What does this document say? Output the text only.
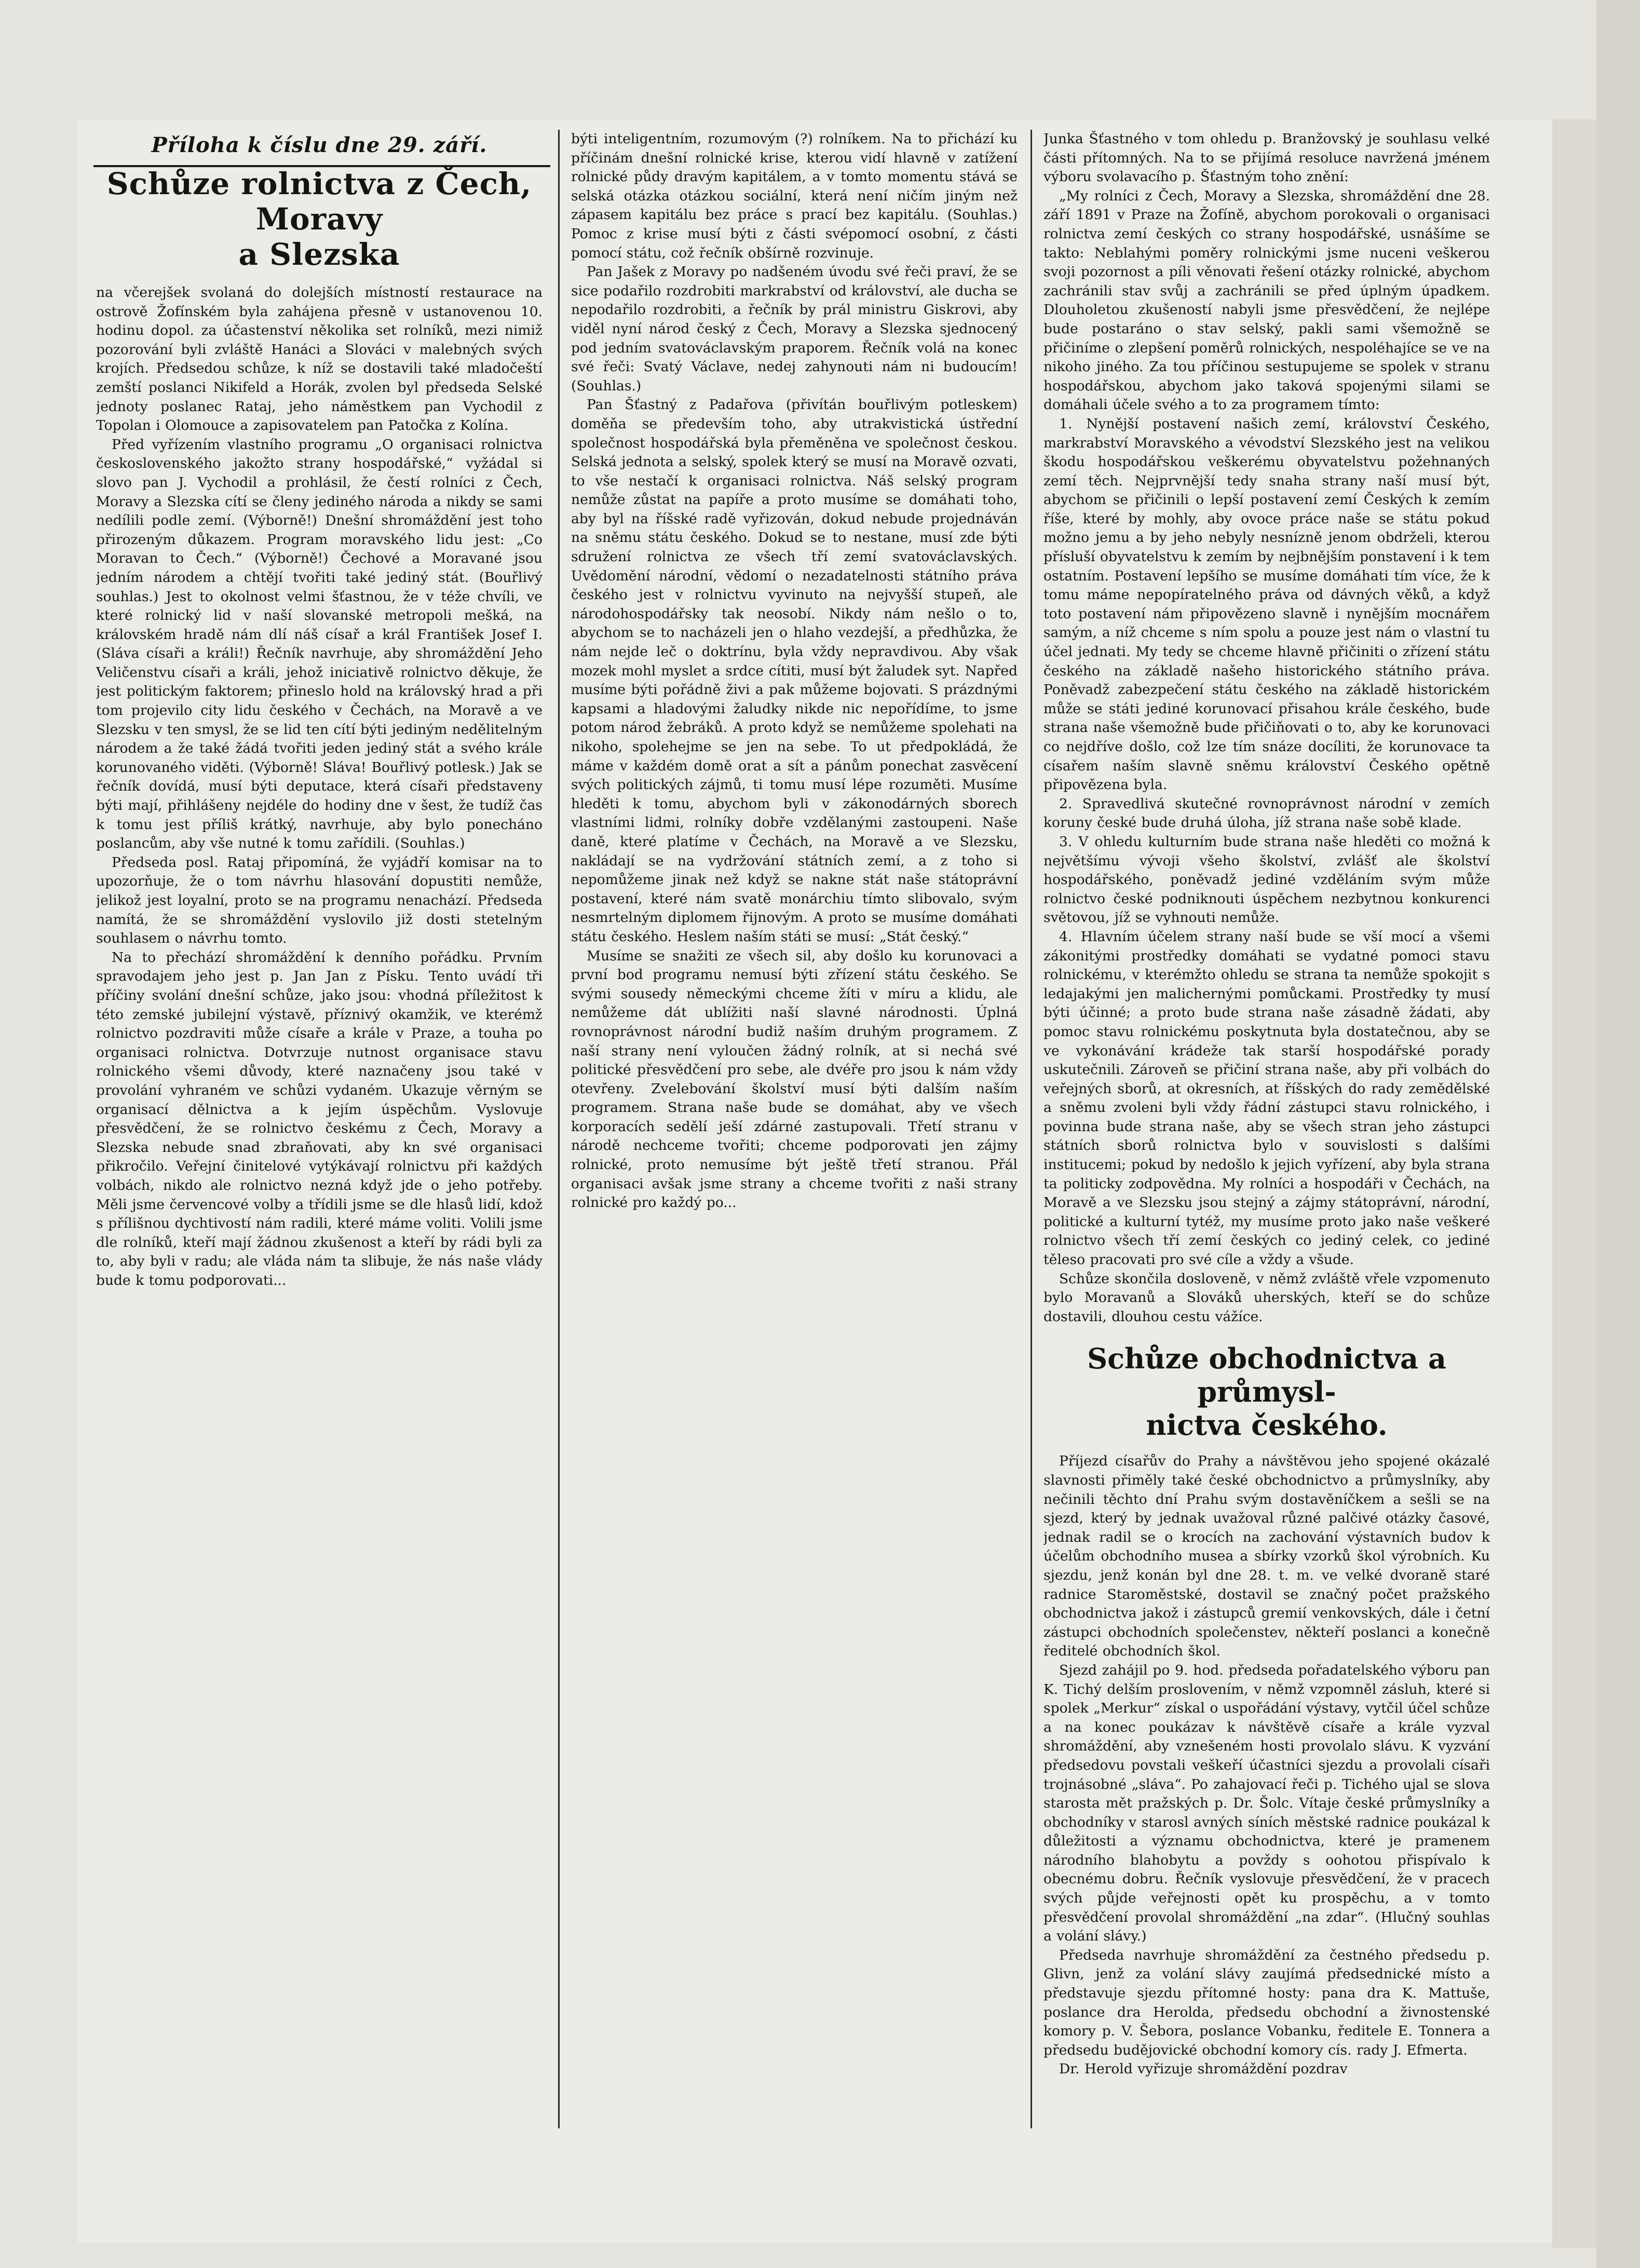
Příloha k číslu dne 29. září.
Schůze rolnictva z Čech, Moravy
a Slezska

na včerejšek svolaná do dolejších místností restaurace na ostrově Žofínském byla zahájena přesně v ustanovenou 10. hodinu dopol. za účastenství několika set rolníků, mezi nimiž pozorování byli zvláště Hanáci a Slováci v malebných svých krojích. Předsedou schůze, k níž se dostavili také mladočeští zemští poslanci Nikifeld a Horák, zvolen byl předseda Selské jednoty poslanec Rataj, jeho náměstkem pan Vychodil z Topolan i Olomouce a zapisovatelem pan Patočka z Kolína.

Před vyřízením vlastního programu „O organisaci rolnictva československého jakožto strany hospodářské,“ vyžádal si slovo pan J. Vychodil a prohlásil, že čestí rolníci z Čech, Moravy a Slezska cítí se členy jediného národa a nikdy se sami nedílili podle zemí. (Výborně!) Dnešní shromáždění jest toho přirozeným důkazem. Program moravského lidu jest: „Co Moravan to Čech.“ (Výborně!) Čechové a Moravané jsou jedním národem a chtějí tvořiti také jediný stát. (Bouřlivý souhlas.) Jest to okolnost velmi šťastnou, že v téže chvíli, ve které rolnický lid v naší slovanské metropoli mešká, na královském hradě nám dlí náš císař a král František Josef I. (Sláva císaři a králi!) Řečník navrhuje, aby shromáždění Jeho Veličenstvu císaři a králi, jehož iniciativě rolnictvo děkuje, že jest politickým faktorem; přineslo hold na královský hrad a při tom projevilo city lidu českého v Čechách, na Moravě a ve Slezsku v ten smysl, že se lid ten cítí býti jediným nedělitelným národem a že také žádá tvořiti jeden jediný stát a svého krále korunovaného viděti. (Výborně! Sláva! Bouřlivý potlesk.) Jak se řečník dovídá, musí býti deputace, která císaři představeny býti mají, přihlášeny nejdéle do hodiny dne v šest, že tudíž čas k tomu jest příliš krátký, navrhuje, aby bylo ponecháno poslancům, aby vše nutné k tomu zařídili. (Souhlas.)

Předseda posl. Rataj připomíná, že vyjádří komisar na to upozorňuje, že o tom návrhu hlasování dopustiti nemůže, jelikož jest loyalní, proto se na programu nenachází. Předseda namítá, že se shromáždění vyslovilo již dosti stetelným souhlasem o návrhu tomto.

Na to přechází shromáždění k denního pořádku. Prvním spravodajem jeho jest p. Jan Jan z Písku. Tento uvádí tři příčiny svolání dnešní schůze, jako jsou: vhodná příležitost k této zemské jubilejní výstavě, příznivý okamžik, ve kterémž rolnictvo pozdraviti může císaře a krále v Praze, a touha po organisaci rolnictva. Dotvrzuje nutnost organisace stavu rolnického všemi důvody, které naznačeny jsou také v provolání vyhraném ve schůzi vydaném. Ukazuje věrným se organisací dělnictva a k jejím úspěchům. Vyslovuje přesvědčení, že se rolnictvo českému z Čech, Moravy a Slezska nebude snad zbraňovati, aby kn své organisaci přikročilo. Veřejní činitelové vytýkávají rolnictvu při každých volbách, nikdo ale rolnictvo nezná když jde o jeho potřeby. Měli jsme červencové volby a třídili jsme se dle hlasů lidí, kdož s přílišnou dychtivostí nám radili, které máme voliti. Volili jsme dle rolníků, kteří mají žádnou zkušenost a kteří by rádi byli za to, aby byli v radu; ale vláda nám ta slibuje, že nás naše vlády bude k tomu podporovati...

býti inteligentním, rozumovým (?) rolníkem. Na to přichází ku příčinám dnešní rolnické krise, kterou vidí hlavně v zatížení rolnické půdy dravým kapitálem, a v tomto momentu stává se selská otázka otázkou sociální, která není ničím jiným než zápasem kapitálu bez práce s prací bez kapitálu. (Souhlas.) Pomoc z krise musí býti z části svépomocí osobní, z části pomocí státu, což řečník obšírně rozvinuje.

Pan Jašek z Moravy po nadšeném úvodu své řeči praví, že se sice podařilo rozdrobiti markrabství od království, ale ducha se nepodařilo rozdrobiti, a řečník by prál ministru Giskrovi, aby viděl nyní národ český z Čech, Moravy a Slezska sjednocený pod jedním svatováclavským praporem. Řečník volá na konec své řeči: Svatý Václave, nedej zahynouti nám ni budoucím! (Souhlas.)

Pan Šťastný z Padařova (přivítán bouřlivým potleskem) doměňa se především toho, aby utrakvistická ústřední společnost hospodářská byla přeměněna ve společnost českou. Selská jednota a selský, spolek který se musí na Moravě ozvati, to vše nestačí k organisaci rolnictva. Náš selský program nemůže zůstat na papíře a proto musíme se domáhati toho, aby byl na říšské radě vyřizován, dokud nebude projednáván na sněmu státu českého. Dokud se to nestane, musí zde býti sdružení rolnictva ze všech tří zemí svatováclavských. Uvědomění národní, vědomí o nezadatelnosti státního práva českého jest v rolnictvu vyvinuto na nejvyšší stupeň, ale národohospodářsky tak neosobí. Nikdy nám nešlo o to, abychom se to nacházeli jen o hlaho vezdejší, a předhůzka, že nám nejde leč o doktrínu, byla vždy nepravdivou. Aby však mozek mohl myslet a srdce cítiti, musí být žaludek syt. Napřed musíme býti pořádně živi a pak můžeme bojovati. S prázdnými kapsami a hladovými žaludky nikde nic nepořídíme, to jsme potom národ žebráků. A proto když se nemůžeme spolehati na nikoho, spolehejme se jen na sebe. To ut předpokládá, že máme v každém domě orat a sít a pánům ponechat zasvěcení svých politických zájmů, ti tomu musí lépe rozuměti. Musíme hleděti k tomu, abychom byli v zákonodárných sborech vlastními lidmi, rolníky dobře vzdělanými zastoupeni. Naše daně, které platíme v Čechách, na Moravě a ve Slezsku, nakládají se na vydržování státních zemí, a z toho si nepomůžeme jinak než když se nakne stát naše státoprávní postavení, které nám svatě monárchiu tímto slibovalo, svým nesmrtelným diplomem řijnovým. A proto se musíme domáhati státu českého. Heslem naším státi se musí: „Stát český.“

Musíme se snažiti ze všech sil, aby došlo ku korunovaci a první bod programu nemusí býti zřízení státu českého. Se svými sousedy německými chceme žíti v míru a klidu, ale nemůžeme dát ublížiti naší slavné národnosti. Úplná rovnoprávnost národní budiž naším druhým programem. Z naší strany není vyloučen žádný rolník, at si nechá své politické přesvědčení pro sebe, ale dvéře pro jsou k nám vždy otevřeny. Zvelebování školství musí býti dalším naším programem. Strana naše bude se domáhat, aby ve všech korporacích sedělí ješí zdárné zastupovali. Třetí stranu v národě nechceme tvořiti; chceme podporovati jen zájmy rolnické, proto nemusíme být ještě třetí stranou. Přál organisaci avšak jsme strany a chceme tvořiti z naši strany rolnické pro každý po...

Junka Šťastného v tom ohledu p. Branžovský je souhlasu velké části přítomných. Na to se přijímá resoluce navržená jménem výboru svolavacího p. Šťastným toho znění:

„My rolníci z Čech, Moravy a Slezska, shromáždění dne 28. září 1891 v Praze na Žofíně, abychom porokovali o organisaci rolnictva zemí českých co strany hospodářské, usnášíme se takto: Neblahými poměry rolnickými jsme nuceni veškerou svoji pozornost a píli věnovati řešení otázky rolnické, abychom zachránili stav svůj a zachránili se před úplným úpadkem. Dlouholetou zkušeností nabyli jsme přesvědčení, že nejlépe bude postaráno o stav selský, pakli sami všemožně se přičiníme o zlepšení poměrů rolnických, nespoléhajíce se ve na nikoho jiného. Za tou příčinou sestupujeme se spolek v stranu hospodářskou, abychom jako taková spojenými silami se domáhali účele svého a to za programem tímto:

1. Nynější postavení našich zemí, království Českého, markrabství Moravského a vévodství Slezského jest na velikou škodu hospodářskou veškerému obyvatelstvu požehnaných zemí těch. Nejprvnější tedy snaha strany naší musí být, abychom se přičinili o lepší postavení zemí Českých k zemím říše, které by mohly, aby ovoce práce naše se státu pokud možno jemu a by jeho nebyly nesnízně jenom obdrželi, kterou přísluší obyvatelstvu k zemím by nejbnějším ponstavení i k tem ostatním. Postavení lepšího se musíme domáhati tím více, že k tomu máme nepopíratelného práva od dávných věků, a když toto postavení nám připovězeno slavně i nynějším mocnářem samým, a níž chceme s ním spolu a pouze jest nám o vlastní tu účel jednati. My tedy se chceme hlavně přičiniti o zřízení státu českého na základě našeho historického státního práva. Poněvadž zabezpečení státu českého na základě historickém může se státi jediné korunovací přisahou krále českého, bude strana naše všemožně bude přičiňovati o to, aby ke korunovaci co nejdříve došlo, což lze tím snáze docíliti, že korunovace ta císařem naším slavně sněmu království Českého opětně připovězena byla.

2. Spravedlivá skutečné rovnoprávnost národní v zemích koruny české bude druhá úloha, jíž strana naše sobě klade.

3. V ohledu kulturním bude strana naše hleděti co možná k největšímu vývoji všeho školství, zvlášť ale školství hospodářského, poněvadž jediné vzděláním svým může rolnictvo české podniknouti úspěchem nezbytnou konkurenci světovou, jíž se vyhnouti nemůže.

4. Hlavním účelem strany naší bude se vší mocí a všemi zákonitými prostředky domáhati se vydatné pomoci stavu rolnickému, v kterémžto ohledu se strana ta nemůže spokojit s ledajakými jen malichernými pomůckami. Prostředky ty musí býti účinné; a proto bude strana naše zásadně žádati, aby pomoc stavu rolnickému poskytnuta byla dostatečnou, aby se ve vykonávání krádeže tak starší hospodářské porady uskutečnili. Zároveň se přičiní strana naše, aby při volbách do veřejných sborů, at okresních, at říšských do rady zemědělské a sněmu zvoleni byli vždy řádní zástupci stavu rolnického, i povinna bude strana naše, aby se všech stran jeho zástupci státních sborů rolnictva bylo v souvislosti s dalšími institucemi; pokud by nedošlo k jejich vyřízení, aby byla strana ta politicky zodpovědna. My rolníci a hospodáři v Čechách, na Moravě a ve Slezsku jsou stejný a zájmy státoprávní, národní, politické a kulturní tytéž, my musíme proto jako naše veškeré rolnictvo všech tří zemí českých co jediný celek, co jediné těleso pracovati pro své cíle a vždy a všude.

Schůze skončila dosloveně, v němž zvláště vřele vzpomenuto bylo Moravanů a Slováků uherských, kteří se do schůze dostavili, dlouhou cestu vážíce.

Schůze obchodnictva a průmysl-
nictva českého.

Příjezd císařův do Prahy a návštěvou jeho spojené okázalé slavnosti přiměly také české obchodnictvo a průmyslníky, aby nečinili těchto dní Prahu svým dostavěníčkem a sešli se na sjezd, který by jednak uvažoval různé palčivé otázky časové, jednak radil se o krocích na zachování výstavních budov k účelům obchodního musea a sbírky vzorků škol výrobních. Ku sjezdu, jenž konán byl dne 28. t. m. ve velké dvoraně staré radnice Staroměstské, dostavil se značný počet pražského obchodnictva jakož i zástupců gremií venkovských, dále i četní zástupci obchodních společenstev, někteří poslanci a konečně ředitelé obchodních škol.

Sjezd zahájil po 9. hod. předseda pořadatelského výboru pan K. Tichý delším proslovením, v němž vzpomněl zásluh, které si spolek „Merkur“ získal o uspořádání výstavy, vytčil účel schůze a na konec poukázav k návštěvě císaře a krále vyzval shromáždění, aby vznešeném hosti provolalo slávu. K vyzvání předsedovu povstali veškeří účastníci sjezdu a provolali císaři trojnásobné „sláva“. Po zahajovací řeči p. Tichého ujal se slova starosta mět pražských p. Dr. Šolc. Vítaje české průmyslníky a obchodníky v starosl avných síních městské radnice poukázal k důležitosti a významu obchodnictva, které je pramenem národního blahobytu a povždy s oohotou přispívalo k obecnému dobru. Řečník vyslovuje přesvědčení, že v pracech svých půjde veřejnosti opět ku prospěchu, a v tomto přesvědčení provolal shromáždění „na zdar“. (Hlučný souhlas a volání slávy.)

Předseda navrhuje shromáždění za čestného předsedu p. Glivn, jenž za volání slávy zaujímá předsednické místo a představuje sjezdu přítomné hosty: pana dra K. Mattuše, poslance dra Herolda, předsedu obchodní a živnostenské komory p. V. Šebora, poslance Vobanku, ředitele E. Tonnera a předsedu budějovické obchodní komory cís. rady J. Efmerta.

Dr. Herold vyřizuje shromáždění pozdrav
